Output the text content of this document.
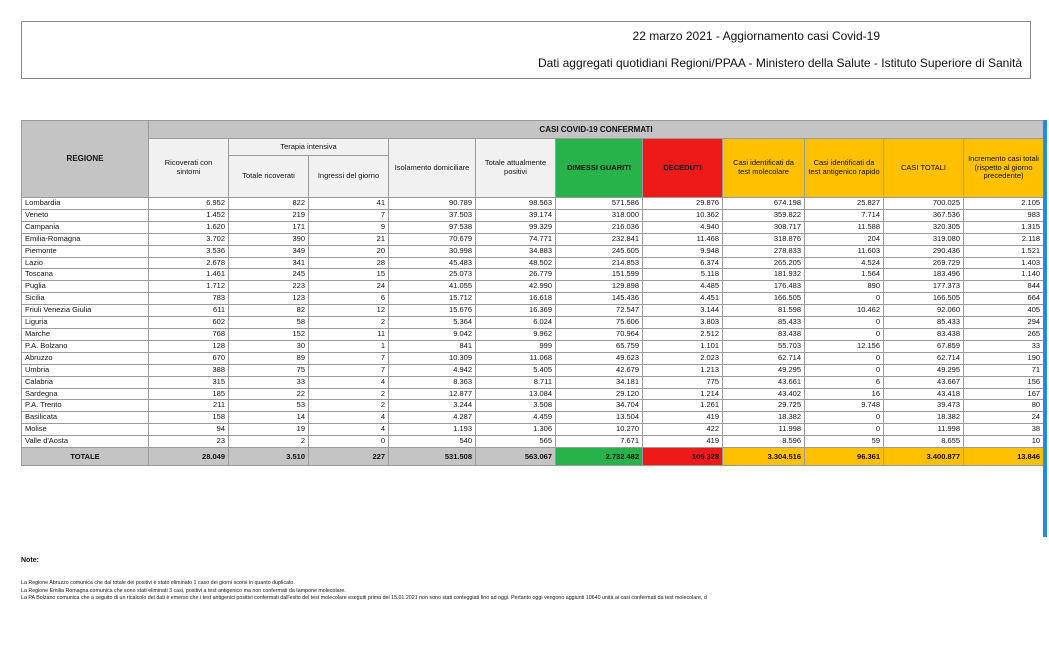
22 marzo 2021 - Aggiornamento casi Covid-19
Dati aggregati quotidiani Regioni/PPAA - Ministero della Salute - Istituto Superiore di Sanità
REGIONE	CASI COVID-19 CONFERMATI										
	Ricoverati con sintomi	Terapia intensiva		Isolamento domiciliare	Totale attualmente positivi	DIMESSI GUARITI	DECEDUTI	Casi identificati da test molecolare	Casi identificati da test antigenico rapido	CASI TOTALI	Incremento casi totali (rispetto al giorno precedente)
		Totale ricoverati	Ingressi del giorno								
Lombardia	6.952	822	41	90.789	98.563	571.586	29.876	674.198	25.827	700.025	2.105
Veneto	1.452	219	7	37.503	39.174	318.000	10.362	359.822	7.714	367.536	983
Campania	1.620	171	9	97.538	99.329	216.036	4.940	308.717	11.588	320.305	1.315
Emilia-Romagna	3.702	390	21	70.679	74.771	232.841	11.468	318.876	204	319.080	2.118
Piemonte	3.536	349	20	30.998	34.883	245.605	9.948	278.833	11.603	290.436	1.521
Lazio	2.678	341	28	45.483	48.502	214.853	6.374	265.205	4.524	269.729	1.403
Toscana	1.461	245	15	25.073	26.779	151.599	5.118	181.932	1.564	183.496	1.140
Puglia	1.712	223	24	41.055	42.990	129.898	4.485	176.483	890	177.373	844
Sicilia	783	123	6	15.712	16.618	145.436	4.451	166.505	0	166.505	664
Friuli Venezia Giulia	611	82	12	15.676	16.369	72.547	3.144	81.598	10.462	92.060	405
Liguria	602	58	2	5.364	6.024	75.606	3.803	85.433	0	85.433	294
Marche	768	152	11	9.042	9.962	70.964	2.512	83.438	0	83.438	265
P.A. Bolzano	128	30	1	841	999	65.759	1.101	55.703	12.156	67.859	33
Abruzzo	670	89	7	10.309	11.068	49.623	2.023	62.714	0	62.714	190
Umbria	388	75	7	4.942	5.405	42.679	1.213	49.295	0	49.295	71
Calabria	315	33	4	8.363	8.711	34.181	775	43.661	6	43.667	156
Sardegna	185	22	2	12.877	13.084	29.120	1.214	43.402	16	43.418	167
P.A. Trento	211	53	2	3.244	3.508	34.704	1.261	29.725	9.748	39.473	80
Basilicata	158	14	4	4.287	4.459	13.504	419	18.382	0	18.382	24
Molise	94	19	4	1.193	1.306	10.270	422	11.998	0	11.998	38
Valle d'Aosta	23	2	0	540	565	7.671	419	8.596	59	8.655	10
TOTALE	28.049	3.510	227	531.508	563.067	2.732.482	105.328	3.304.516	96.361	3.400.877	13.846
Note:
La Regione Abruzzo comunica che dal totale dei positivi è stato eliminato 1 caso dei giorni scorsi in quanto duplicato.
La Regione Emilia Romagna comunica che sono stati eliminati 3 casi, positivi a test antigenico ma non confermati da tampone molecolare.
La PA Bolzano comunica che a seguito di un ricalcolo dei dati è emerso che i test antigenici positivi confermati dall'esito del test molecolare eseguiti prima del 15.01.2021 non sono stati conteggiati fino ad oggi. Pertanto oggi vengono aggiunti 10640 unità ai casi confermati da test molecolare, d
